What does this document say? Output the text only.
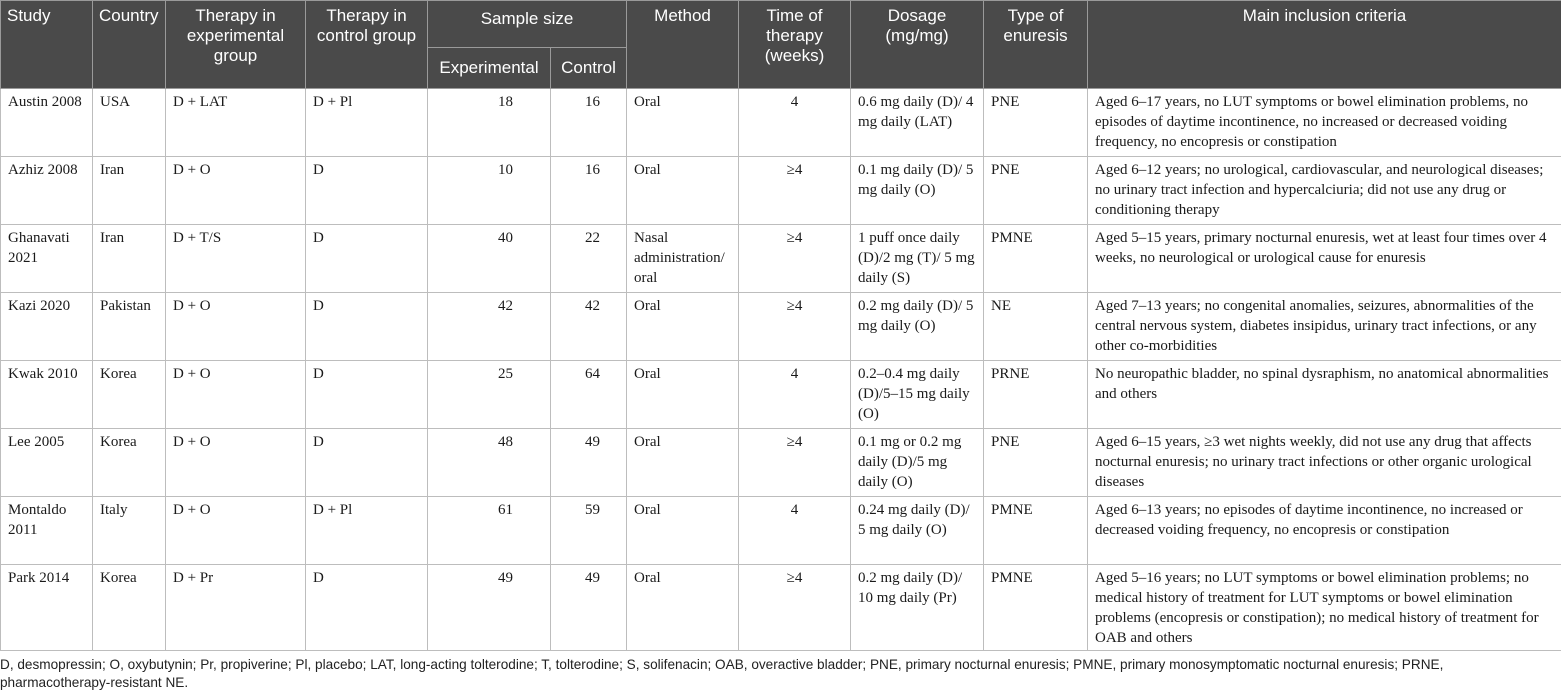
Study	Country	Therapy in experimental group	Therapy in control group	Sample size		Method	Time of therapy (weeks)	Dosage (mg/mg)	Type of enuresis	Main inclusion criteria
				Experimental	Control					
Austin 2008	USA	D + LAT	D + Pl	18	16	Oral	4	0.6 mg daily (D)/ 4 mg daily (LAT)	PNE	Aged 6–17 years, no LUT symptoms or bowel elimination problems, no episodes of daytime incontinence, no increased or decreased voiding frequency, no encopresis or constipation
Azhiz 2008	Iran	D + O	D	10	16	Oral	≥4	0.1 mg daily (D)/ 5 mg daily (O)	PNE	Aged 6–12 years; no urological, cardiovascular, and neurological diseases; no urinary tract infection and hypercalciuria; did not use any drug or conditioning therapy
Ghanavati 2021	Iran	D + T/S	D	40	22	Nasal administration/ oral	≥4	1 puff once daily (D)/2 mg (T)/ 5 mg daily (S)	PMNE	Aged 5–15 years, primary nocturnal enuresis, wet at least four times over 4 weeks, no neurological or urological cause for enuresis
Kazi 2020	Pakistan	D + O	D	42	42	Oral	≥4	0.2 mg daily (D)/ 5 mg daily (O)	NE	Aged 7–13 years; no congenital anomalies, seizures, abnormalities of the central nervous system, diabetes insipidus, urinary tract infections, or any other co-morbidities
Kwak 2010	Korea	D + O	D	25	64	Oral	4	0.2–0.4 mg daily (D)/5–15 mg daily (O)	PRNE	No neuropathic bladder, no spinal dysraphism, no anatomical abnormalities and others
Lee 2005	Korea	D + O	D	48	49	Oral	≥4	0.1 mg or 0.2 mg daily (D)/5 mg daily (O)	PNE	Aged 6–15 years, ≥3 wet nights weekly, did not use any drug that affects nocturnal enuresis; no urinary tract infections or other organic urological diseases
Montaldo 2011	Italy	D + O	D + Pl	61	59	Oral	4	0.24 mg daily (D)/ 5 mg daily (O)	PMNE	Aged 6–13 years; no episodes of daytime incontinence, no increased or decreased voiding frequency, no encopresis or constipation
Park 2014	Korea	D + Pr	D	49	49	Oral	≥4	0.2 mg daily (D)/ 10 mg daily (Pr)	PMNE	Aged 5–16 years; no LUT symptoms or bowel elimination problems; no medical history of treatment for LUT symptoms or bowel elimination problems (encopresis or constipation); no medical history of treatment for OAB and others
D, desmopressin; O, oxybutynin; Pr, propiverine; Pl, placebo; LAT, long-acting tolterodine; T, tolterodine; S, solifenacin; OAB, overactive bladder; PNE, primary nocturnal enuresis; PMNE, primary monosymptomatic nocturnal enuresis; PRNE, pharmacotherapy-resistant NE.
